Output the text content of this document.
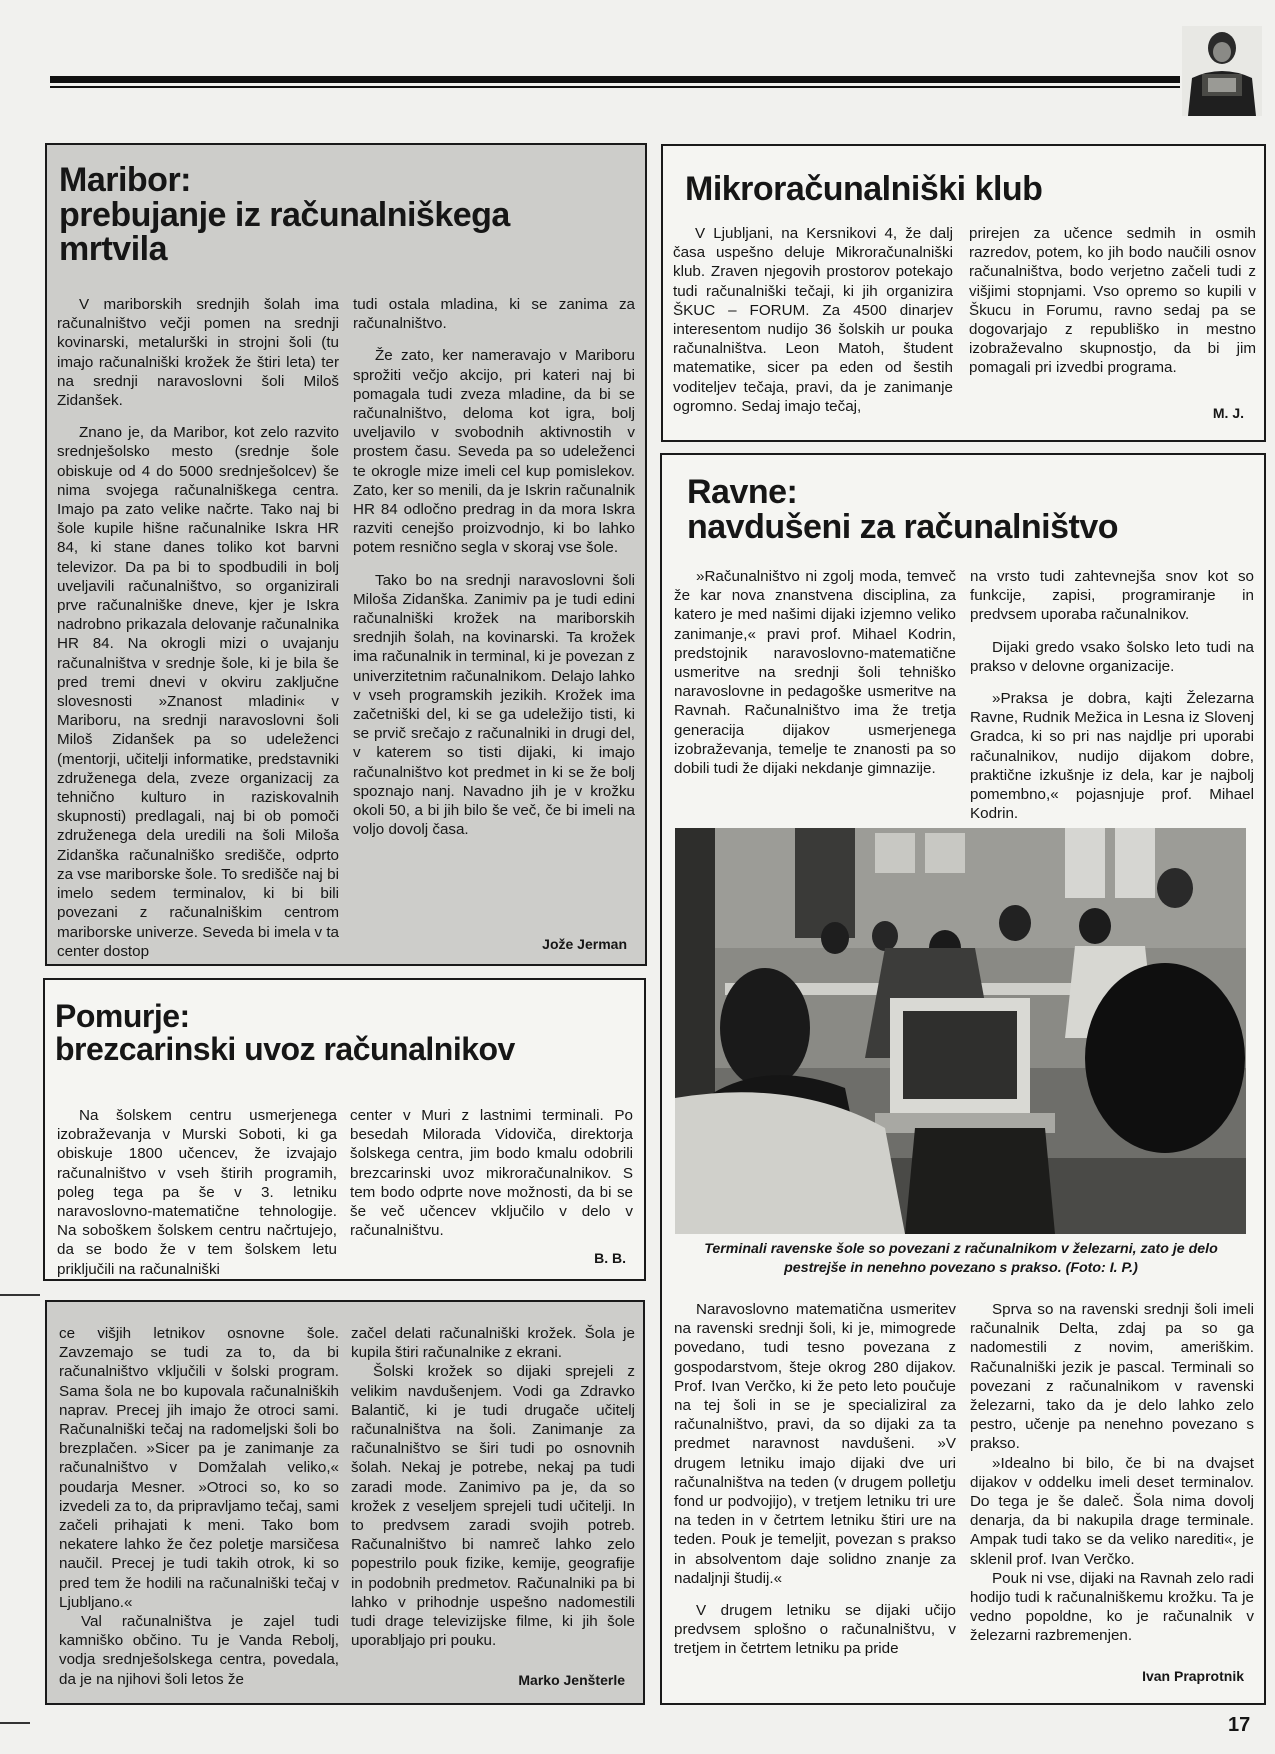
Maribor:
prebujanje iz računalniškega
mrtvila

V mariborskih srednjih šolah ima računalništvo večji pomen na srednji kovinarski, metalurški in strojni šoli (tu imajo računalniški krožek že štiri leta) ter na srednji naravoslovni šoli Miloš Zidanšek.

Znano je, da Maribor, kot zelo razvito srednješolsko mesto (srednje šole obiskuje od 4 do 5000 srednješolcev) še nima svojega računalniškega centra. Imajo pa zato velike načrte. Tako naj bi šole kupile hišne računalnike Iskra HR 84, ki stane danes toliko kot barvni televizor. Da pa bi to spodbudili in bolj uveljavili računalništvo, so organizirali prve računalniške dneve, kjer je Iskra nadrobno prikazala delovanje računalnika HR 84. Na okrogli mizi o uvajanju računalništva v srednje šole, ki je bila še pred tremi dnevi v okviru zaključne slovesnosti »Znanost mladini« v Mariboru, na srednji naravoslovni šoli Miloš Zidanšek pa so udeleženci (mentorji, učitelji informatike, predstavniki združenega dela, zveze organizacij za tehnično kulturo in raziskovalnih skupnosti) predlagali, naj bi ob pomoči združenega dela uredili na šoli Miloša Zidanška računalniško središče, odprto za vse mariborske šole. To središče naj bi imelo sedem terminalov, ki bi bili povezani z računalniškim centrom mariborske univerze. Seveda bi imela v ta center dostop

tudi ostala mladina, ki se zanima za računalništvo.

Že zato, ker nameravajo v Mariboru sprožiti večjo akcijo, pri kateri naj bi pomagala tudi zveza mladine, da bi se računalništvo, deloma kot igra, bolj uveljavilo v svobodnih aktivnostih v prostem času. Seveda pa so udeleženci te okrogle mize imeli cel kup pomislekov. Zato, ker so menili, da je Iskrin računalnik HR 84 odločno predrag in da mora Iskra razviti cenejšo proizvodnjo, ki bo lahko potem resnično segla v skoraj vse šole.

Tako bo na srednji naravoslovni šoli Miloša Zidanška. Zanimiv pa je tudi edini računalniški krožek na mariborskih srednjih šolah, na kovinarski. Ta krožek ima računalnik in terminal, ki je povezan z univerzitetnim računalnikom. Delajo lahko v vseh programskih jezikih. Krožek ima začetniški del, ki se ga udeležijo tisti, ki se prvič srečajo z računalniki in drugi del, v katerem so tisti dijaki, ki imajo računalništvo kot predmet in ki se že bolj spoznajo nanj. Navadno jih je v krožku okoli 50, a bi jih bilo še več, če bi imeli na voljo dovolj časa.

Jože Jerman
Mikroračunalniški klub

V Ljubljani, na Kersnikovi 4, že dalj časa uspešno deluje Mikroračunalniški klub. Zraven njegovih prostorov potekajo tudi računalniški tečaji, ki jih organizira ŠKUC – FORUM. Za 4500 dinarjev interesentom nudijo 36 šolskih ur pouka računalništva. Leon Matoh, študent matematike, sicer pa eden od šestih voditeljev tečaja, pravi, da je zanimanje ogromno. Sedaj imajo tečaj,

prirejen za učence sedmih in osmih razredov, potem, ko jih bodo naučili osnov računalništva, bodo verjetno začeli tudi z višjimi stopnjami. Vso opremo so kupili v Škucu in Forumu, ravno sedaj pa se dogovarjajo z republiško in mestno izobraževalno skupnostjo, da bi jim pomagali pri izvedbi programa.

M. J.
Ravne:
navdušeni za računalništvo

»Računalništvo ni zgolj moda, temveč že kar nova znanstvena disciplina, za katero je med našimi dijaki izjemno veliko zanimanje,« pravi prof. Mihael Kodrin, predstojnik naravoslovno-matematične usmeritve na srednji šoli tehniško naravoslovne in pedagoške usmeritve na Ravnah. Računalništvo ima že tretja generacija dijakov usmerjenega izobraževanja, temelje te znanosti pa so dobili tudi že dijaki nekdanje gimnazije.

na vrsto tudi zahtevnejša snov kot so funkcije, zapisi, programiranje in predvsem uporaba računalnikov.

Dijaki gredo vsako šolsko leto tudi na prakso v delovne organizacije.

»Praksa je dobra, kajti Železarna Ravne, Rudnik Mežica in Lesna iz Slovenj Gradca, ki so pri nas najdlje pri uporabi računalnikov, nudijo dijakom dobre, praktične izkušnje iz dela, kar je najbolj pomembno,« pojasnjuje prof. Mihael Kodrin.

Naravoslovno matematična usmeritev na ravenski srednji šoli, ki je, mimogrede povedano, tudi tesno povezana z gospodarstvom, šteje okrog 280 dijakov. Prof. Ivan Verčko, ki že peto leto poučuje na tej šoli in se je specializiral za računalništvo, pravi, da so dijaki za ta predmet naravnost navdušeni. »V drugem letniku imajo dijaki dve uri računalništva na teden (v drugem polletju fond ur podvojijo), v tretjem letniku tri ure na teden in v četrtem letniku štiri ure na teden. Pouk je temeljit, povezan s prakso in absolventom daje solidno znanje za nadaljnji študij.«

V drugem letniku se dijaki učijo predvsem splošno o računalništvu, v tretjem in četrtem letniku pa pride

Sprva so na ravenski srednji šoli imeli računalnik Delta, zdaj pa so ga nadomestili z novim, ameriškim. Računalniški jezik je pascal. Terminali so povezani z računalnikom v ravenski železarni, tako da je delo lahko zelo pestro, učenje pa nenehno povezano s prakso.

»Idealno bi bilo, če bi na dvajset dijakov v oddelku imeli deset terminalov. Do tega je še daleč. Šola nima dovolj denarja, da bi nakupila drage terminale. Ampak tudi tako se da veliko narediti«, je sklenil prof. Ivan Verčko.

Pouk ni vse, dijaki na Ravnah zelo radi hodijo tudi k računalniškemu krožku. Ta je vedno popoldne, ko je računalnik v železarni razbremenjen.

Ivan Praprotnik
Terminali ravenske šole so povezani z računalnikom v železarni, zato je delo pestrejše in nenehno povezano s prakso. (Foto: I. P.)
Pomurje:
brezcarinski uvoz računalnikov

Na šolskem centru usmerjenega izobraževanja v Murski Soboti, ki ga obiskuje 1800 učencev, že izvajajo računalništvo v vseh štirih programih, poleg tega pa še v 3. letniku naravoslovno-matematične tehnologije. Na soboškem šolskem centru načrtujejo, da se bodo že v tem šolskem letu priključili na računalniški

center v Muri z lastnimi terminali. Po besedah Milorada Vidoviča, direktorja šolskega centra, jim bodo kmalu odobrili brezcarinski uvoz mikroračunalnikov. S tem bodo odprte nove možnosti, da bi se še več učencev vključilo v delo v računalništvu.

B. B.

ce višjih letnikov osnovne šole. Zavzemajo se tudi za to, da bi računalništvo vključili v šolski program. Sama šola ne bo kupovala računalniških naprav. Precej jih imajo že otroci sami. Računalniški tečaj na radomeljski šoli bo brezplačen. »Sicer pa je zanimanje za računalništvo v Domžalah veliko,« poudarja Mesner. »Otroci so, ko so izvedeli za to, da pripravljamo tečaj, sami začeli prihajati k meni. Tako bom nekatere lahko že čez poletje marsičesa naučil. Precej je tudi takih otrok, ki so pred tem že hodili na računalniški tečaj v Ljubljano.«

Val računalništva je zajel tudi kamniško občino. Tu je Vanda Rebolj, vodja srednješolskega centra, povedala, da je na njihovi šoli letos že

začel delati računalniški krožek. Šola je kupila štiri računalnike z ekrani.

Šolski krožek so dijaki sprejeli z velikim navdušenjem. Vodi ga Zdravko Balantič, ki je tudi drugače učitelj računalništva na šoli. Zanimanje za računalništvo se širi tudi po osnovnih šolah. Nekaj je potrebe, nekaj pa tudi zaradi mode. Zanimivo pa je, da so krožek z veseljem sprejeli tudi učitelji. In to predvsem zaradi svojih potreb. Računalništvo bi namreč lahko zelo popestrilo pouk fizike, kemije, geografije in podobnih predmetov. Računalniki pa bi lahko v prihodnje uspešno nadomestili tudi drage televizijske filme, ki jih šole uporabljajo pri pouku.

Marko Jenšterle
17
